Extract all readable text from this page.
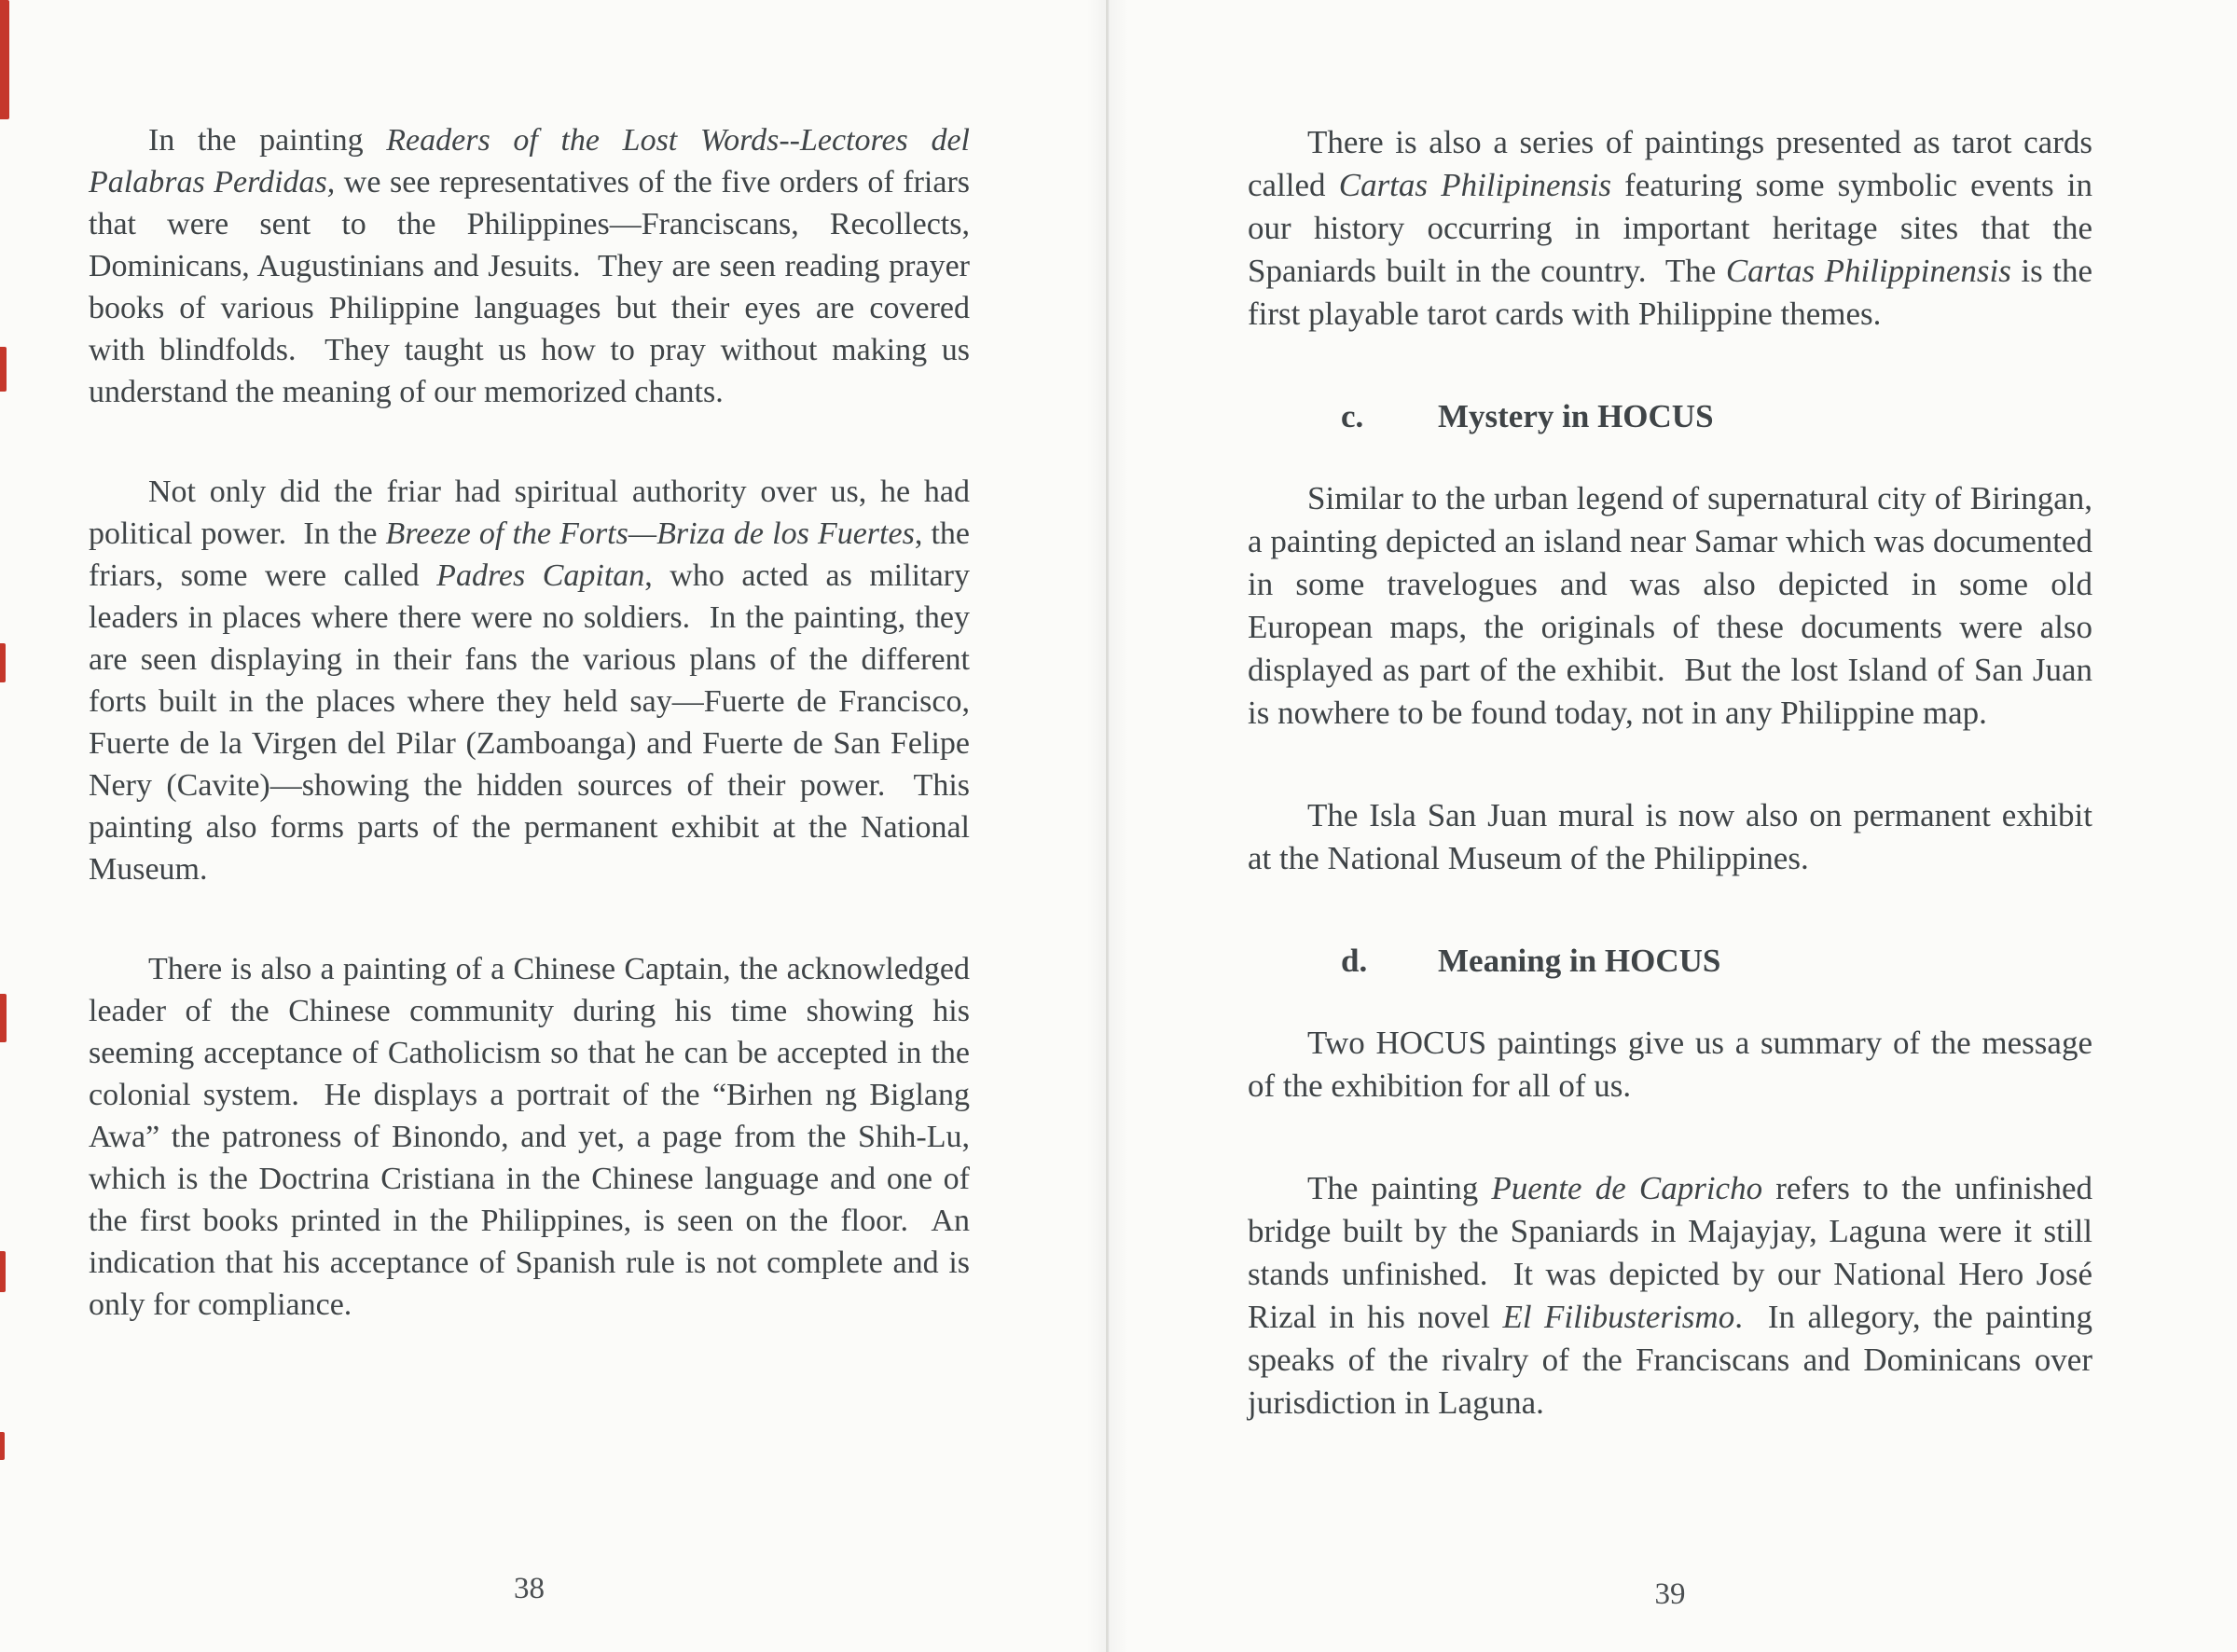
In the painting Readers of the Lost Words--Lectores del Palabras Perdidas, we see representatives of the five orders of friars that were sent to the Philippines—Franciscans, Recollects, Dominicans, Augustinians and Jesuits.  They are seen reading prayer books of various Philippine languages but their eyes are covered with blindfolds.  They taught us how to pray without making us understand the meaning of our memorized chants.

Not only did the friar had spiritual authority over us, he had political power.  In the Breeze of the Forts—Briza de los Fuertes, the friars, some were called Padres Capitan, who acted as military leaders in places where there were no soldiers.  In the painting, they are seen displaying in their fans the various plans of the different forts built in the places where they held say—Fuerte de Francisco, Fuerte de la Virgen del Pilar (Zamboanga) and Fuerte de San Felipe Nery (Cavite)—showing the hidden sources of their power.  This painting also forms parts of the permanent exhibit at the National Museum.

There is also a painting of a Chinese Captain, the acknowledged leader of the Chinese community during his time showing his seeming acceptance of Catholicism so that he can be accepted in the colonial system.  He displays a portrait of the “Birhen ng Biglang Awa” the patroness of Binondo, and yet, a page from the Shih-Lu, which is the Doctrina Cristiana in the Chinese language and one of the first books printed in the Philippines, is seen on the floor.  An indication that his acceptance of Spanish rule is not complete and is only for compliance.

38

There is also a series of paintings presented as tarot cards called Cartas Philipinensis featuring some symbolic events in our history occurring in important heritage sites that the Spaniards built in the country.  The Cartas Philippinensis is the first playable tarot cards with Philippine themes.

c. Mystery in HOCUS

Similar to the urban legend of supernatural city of Biringan, a painting depicted an island near Samar which was documented in some travelogues and was also depicted in some old European maps, the originals of these documents were also displayed as part of the exhibit.  But the lost Island of San Juan is nowhere to be found today, not in any Philippine map.

The Isla San Juan mural is now also on permanent exhibit at the National Museum of the Philippines.

d. Meaning in HOCUS

Two HOCUS paintings give us a summary of the message of the exhibition for all of us.

The painting Puente de Capricho refers to the unfinished bridge built by the Spaniards in Majayjay, Laguna were it still stands unfinished.  It was depicted by our National Hero José Rizal in his novel El Filibusterismo.  In allegory, the painting speaks of the rivalry of the Franciscans and Dominicans over jurisdiction in Laguna.

39
